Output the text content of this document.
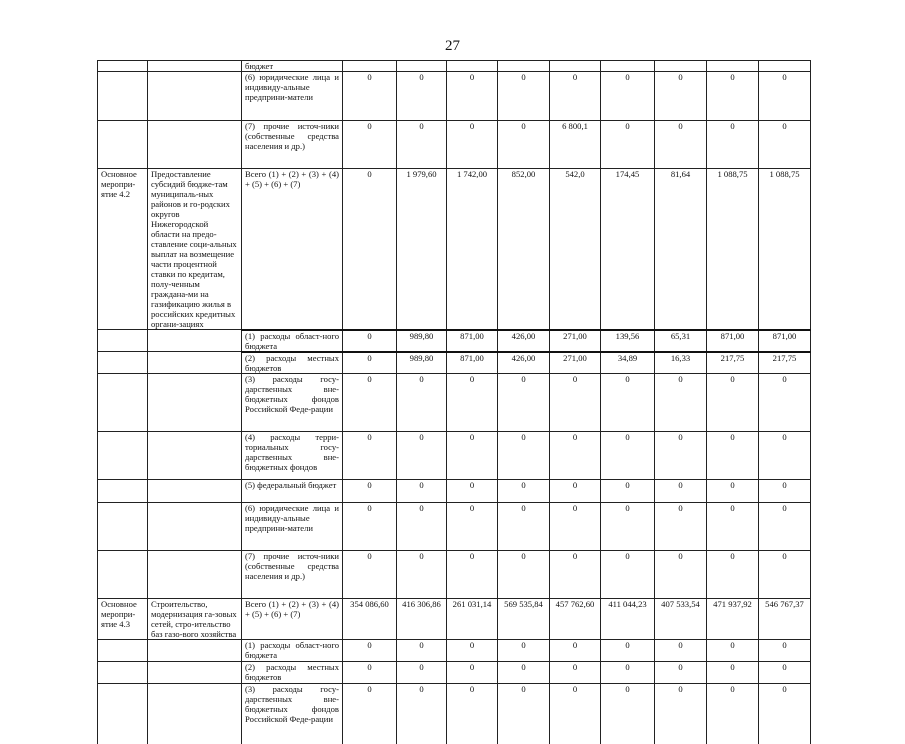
27
		бюджет									
		(6) юридические лица и индивиду-альные предприни-матели	0	0	0	0	0	0	0	0	0
		(7) прочие источ-ники (собственные средства населения и др.)	0	0	0	0	6 800,1	0	0	0	0
Основное меропри-ятие 4.2	Предоставление субсидий бюдже-там муниципаль-ных районов и го-родских округов Нижегородской области на предо-ставление соци-альных выплат на возмещение части процентной ставки по кредитам, полу-ченным граждана-ми на газификацию жилья в российских кредитных органи-зациях	Всего (1) + (2) + (3) + (4) + (5) + (6) + (7)	0	1 979,60	1 742,00	852,00	542,0	174,45	81,64	1 088,75	1 088,75
		(1) расходы област-ного бюджета	0	989,80	871,00	426,00	271,00	139,56	65,31	871,00	871,00
		(2) расходы местных бюджетов	0	989,80	871,00	426,00	271,00	34,89	16,33	217,75	217,75
		(3) расходы госу-дарственных вне-бюджетных фондов Российской Феде-рации	0	0	0	0	0	0	0	0	0
		(4) расходы терри-ториальных госу-дарственных вне-бюджетных фондов	0	0	0	0	0	0	0	0	0
		(5) федеральный бюджет	0	0	0	0	0	0	0	0	0
		(6) юридические лица и индивиду-альные предприни-матели	0	0	0	0	0	0	0	0	0
		(7) прочие источ-ники (собственные средства населения и др.)	0	0	0	0	0	0	0	0	0
Основное меропри-ятие 4.3	Строительство, модернизация га-зовых сетей, стро-ительство баз газо-вого хозяйства	Всего (1) + (2) + (3) + (4) + (5) + (6) + (7)	354 086,60	416 306,86	261 031,14	569 535,84	457 762,60	411 044,23	407 533,54	471 937,92	546 767,37
		(1) расходы област-ного бюджета	0	0	0	0	0	0	0	0	0
		(2) расходы местных бюджетов	0	0	0	0	0	0	0	0	0
		(3) расходы госу-дарственных вне-бюджетных фондов Российской Феде-рации	0	0	0	0	0	0	0	0	0
